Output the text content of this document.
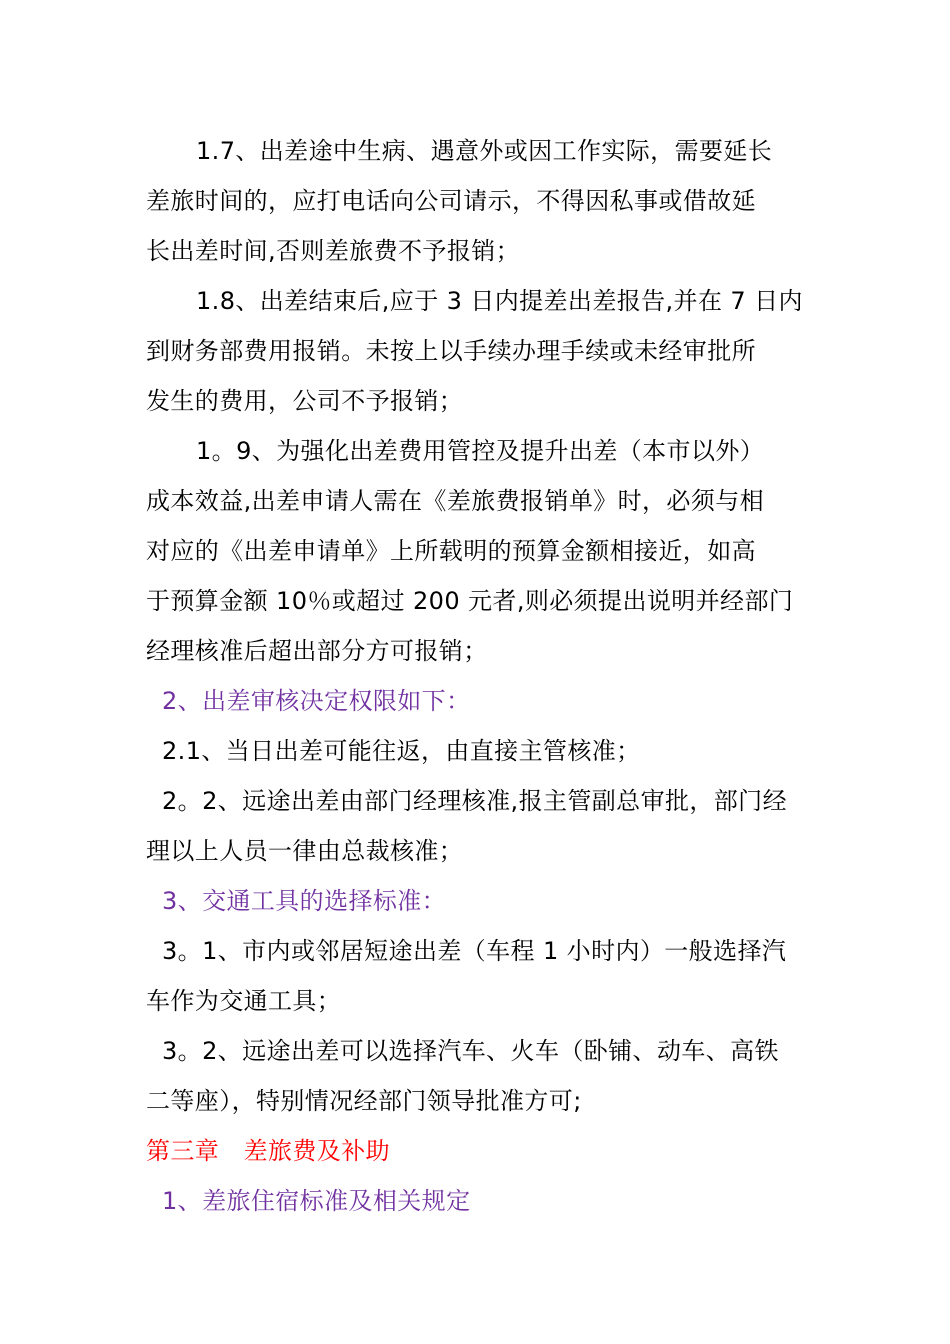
1.7、出差途中生病、遇意外或因工作实际，需要延长
差旅时间的，应打电话向公司请示，不得因私事或借故延
长出差时间,否则差旅费不予报销；
1.8、出差结束后,应于 3 日内提差出差报告,并在 7 日内
到财务部费用报销。未按上以手续办理手续或未经审批所
发生的费用，公司不予报销；
1。9、为强化出差费用管控及提升出差（本市以外）
成本效益,出差申请人需在《差旅费报销单》时，必须与相
对应的《出差申请单》上所载明的预算金额相接近，如高
于预算金额 10％或超过 200 元者,则必须提出说明并经部门
经理核准后超出部分方可报销；
2、出差审核决定权限如下：
2.1、当日出差可能往返，由直接主管核准；
2。2、远途出差由部门经理核准,报主管副总审批，部门经
理以上人员一律由总裁核准；
3、交通工具的选择标准：
3。1、市内或邻居短途出差（车程 1 小时内）一般选择汽
车作为交通工具；
3。2、远途出差可以选择汽车、火车（卧铺、动车、高铁
二等座），特别情况经部门领导批准方可;
第三章　差旅费及补助
1、差旅住宿标准及相关规定
